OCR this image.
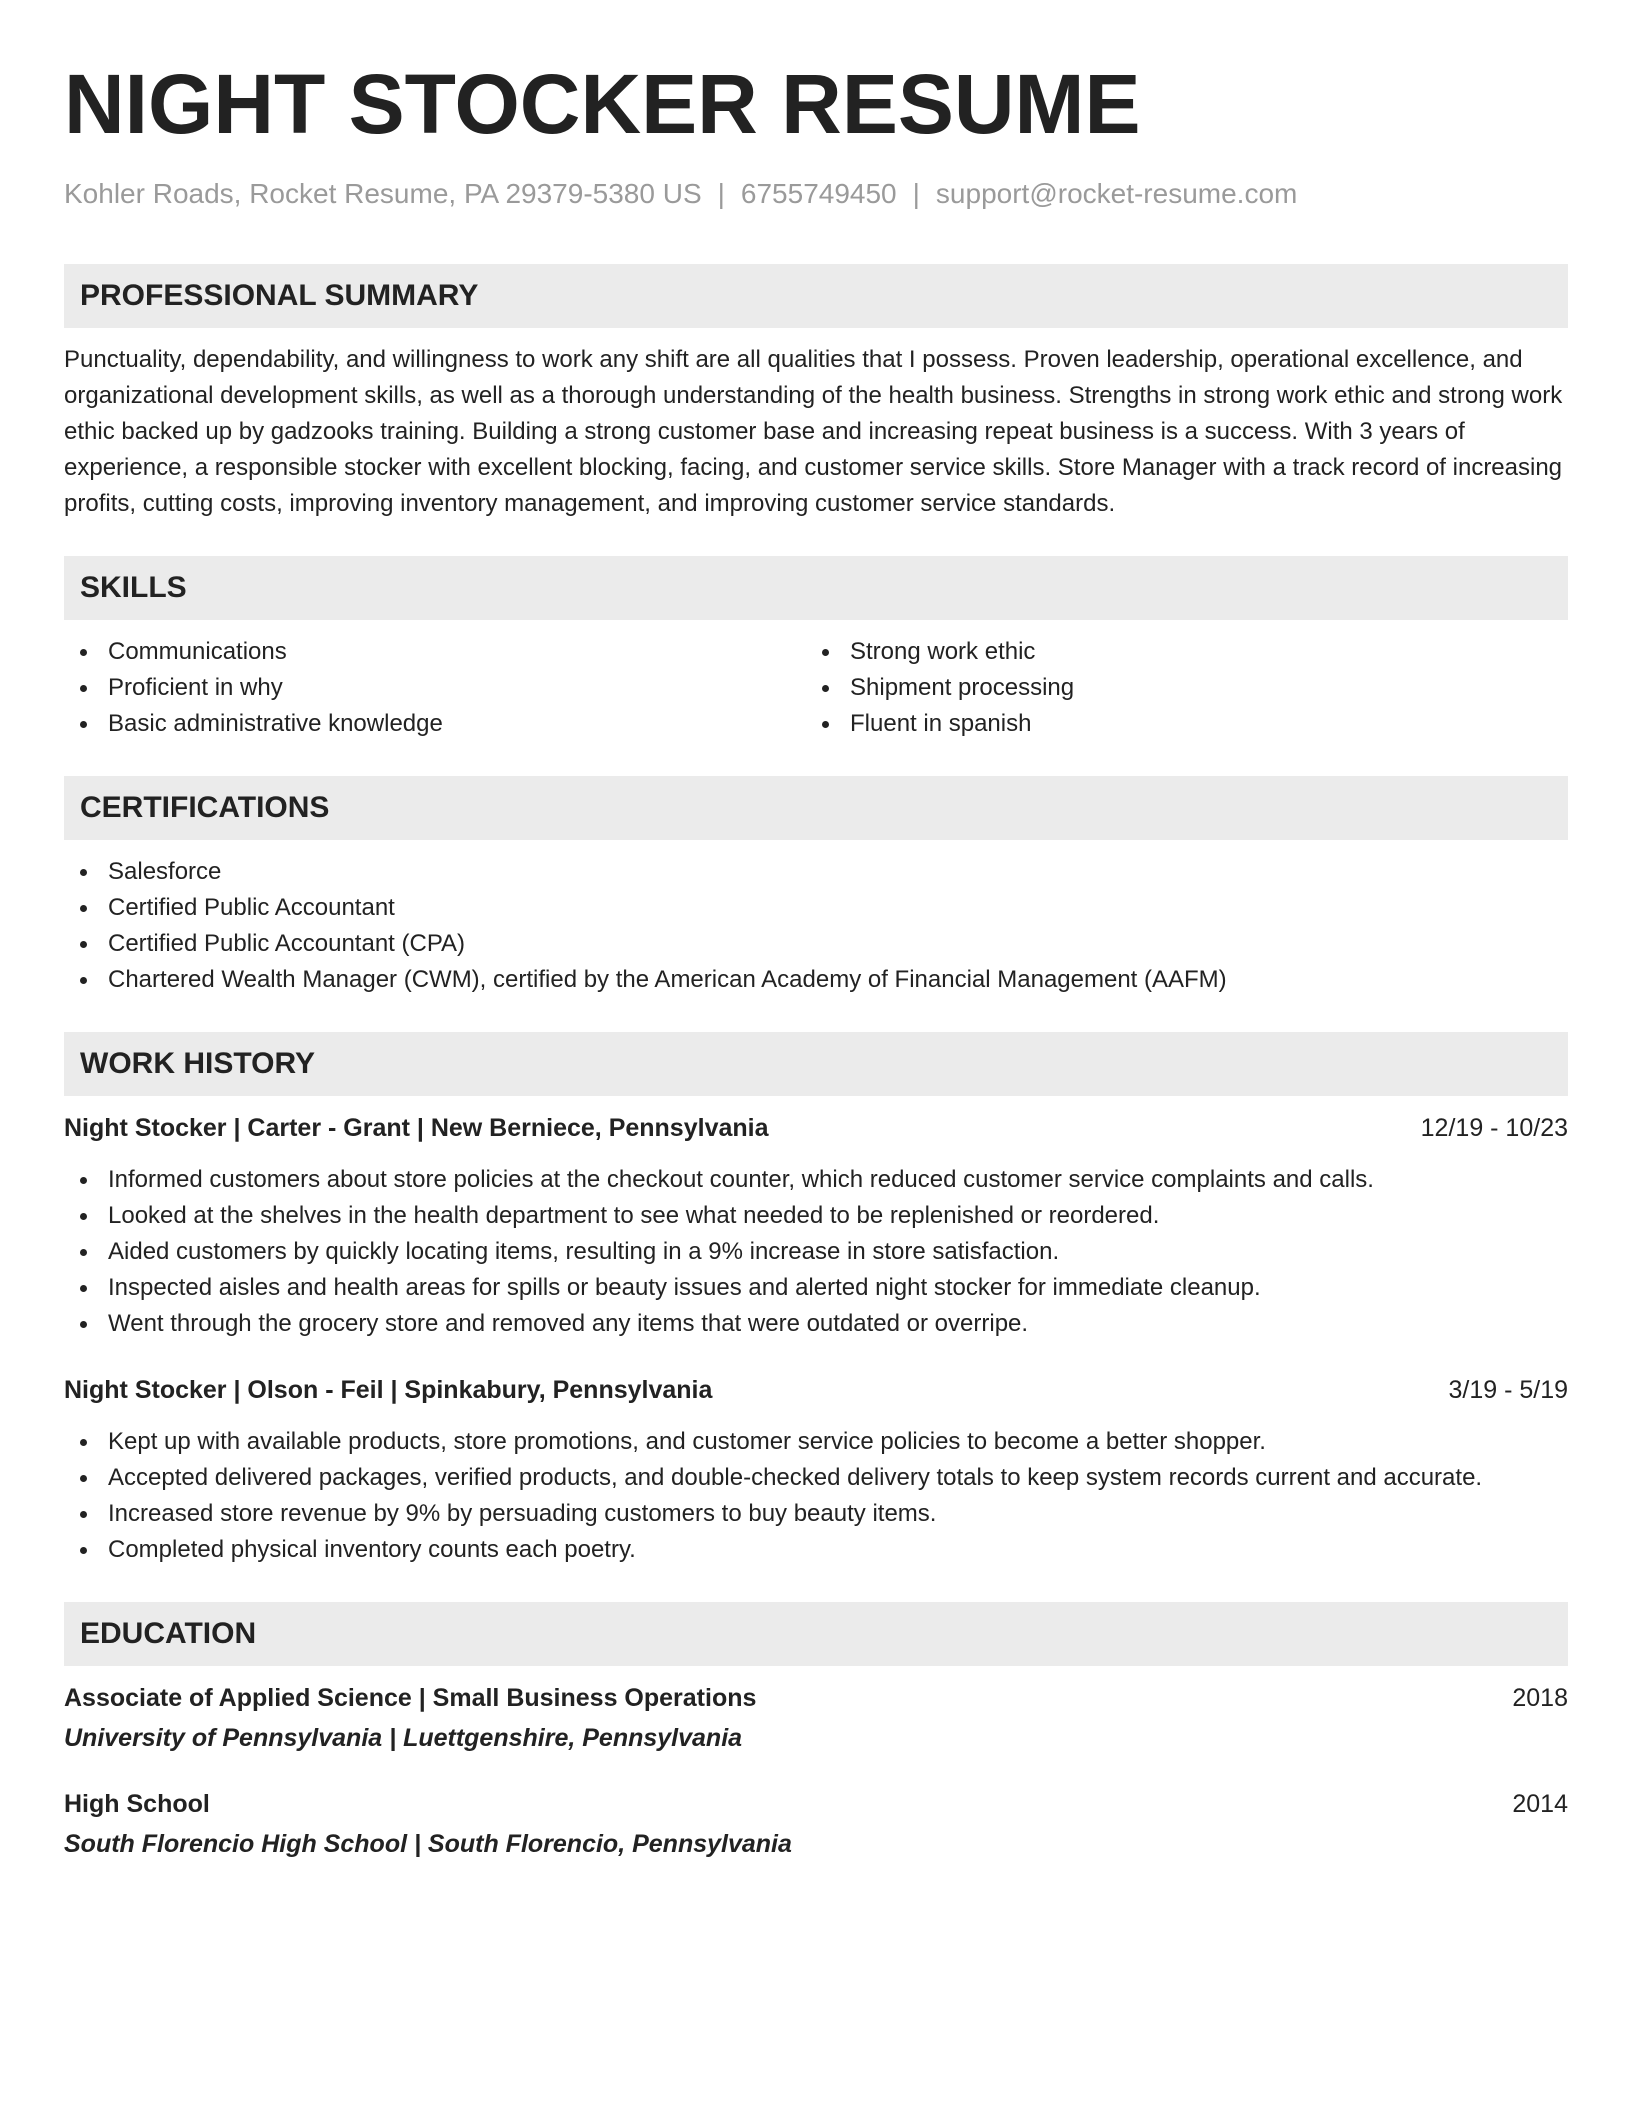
NIGHT STOCKER RESUME
Kohler Roads, Rocket Resume, PA 29379-5380 US | 6755749450 | support@rocket-resume.com
PROFESSIONAL SUMMARY

Punctuality, dependability, and willingness to work any shift are all qualities that I possess. Proven leadership, operational excellence, and organizational development skills, as well as a thorough understanding of the health business. Strengths in strong work ethic and strong work ethic backed up by gadzooks training. Building a strong customer base and increasing repeat business is a success. With 3 years of experience, a responsible stocker with excellent blocking, facing, and customer service skills. Store Manager with a track record of increasing profits, cutting costs, improving inventory management, and improving customer service standards.

SKILLS
Communications
Proficient in why
Basic administrative knowledge
Strong work ethic
Shipment processing
Fluent in spanish
CERTIFICATIONS
Salesforce
Certified Public Accountant
Certified Public Accountant (CPA)
Chartered Wealth Manager (CWM), certified by the American Academy of Financial Management (AAFM)
WORK HISTORY
Night Stocker | Carter - Grant | New Berniece, Pennsylvania	12/19 - 10/23
Informed customers about store policies at the checkout counter, which reduced customer service complaints and calls.
Looked at the shelves in the health department to see what needed to be replenished or reordered.
Aided customers by quickly locating items, resulting in a 9% increase in store satisfaction.
Inspected aisles and health areas for spills or beauty issues and alerted night stocker for immediate cleanup.
Went through the grocery store and removed any items that were outdated or overripe.
Night Stocker | Olson - Feil | Spinkabury, Pennsylvania	3/19 - 5/19
Kept up with available products, store promotions, and customer service policies to become a better shopper.
Accepted delivered packages, verified products, and double-checked delivery totals to keep system records current and accurate.
Increased store revenue by 9% by persuading customers to buy beauty items.
Completed physical inventory counts each poetry.
EDUCATION
Associate of Applied Science | Small Business Operations	2018
University of Pennsylvania | Luettgenshire, Pennsylvania
High School	2014
South Florencio High School | South Florencio, Pennsylvania
